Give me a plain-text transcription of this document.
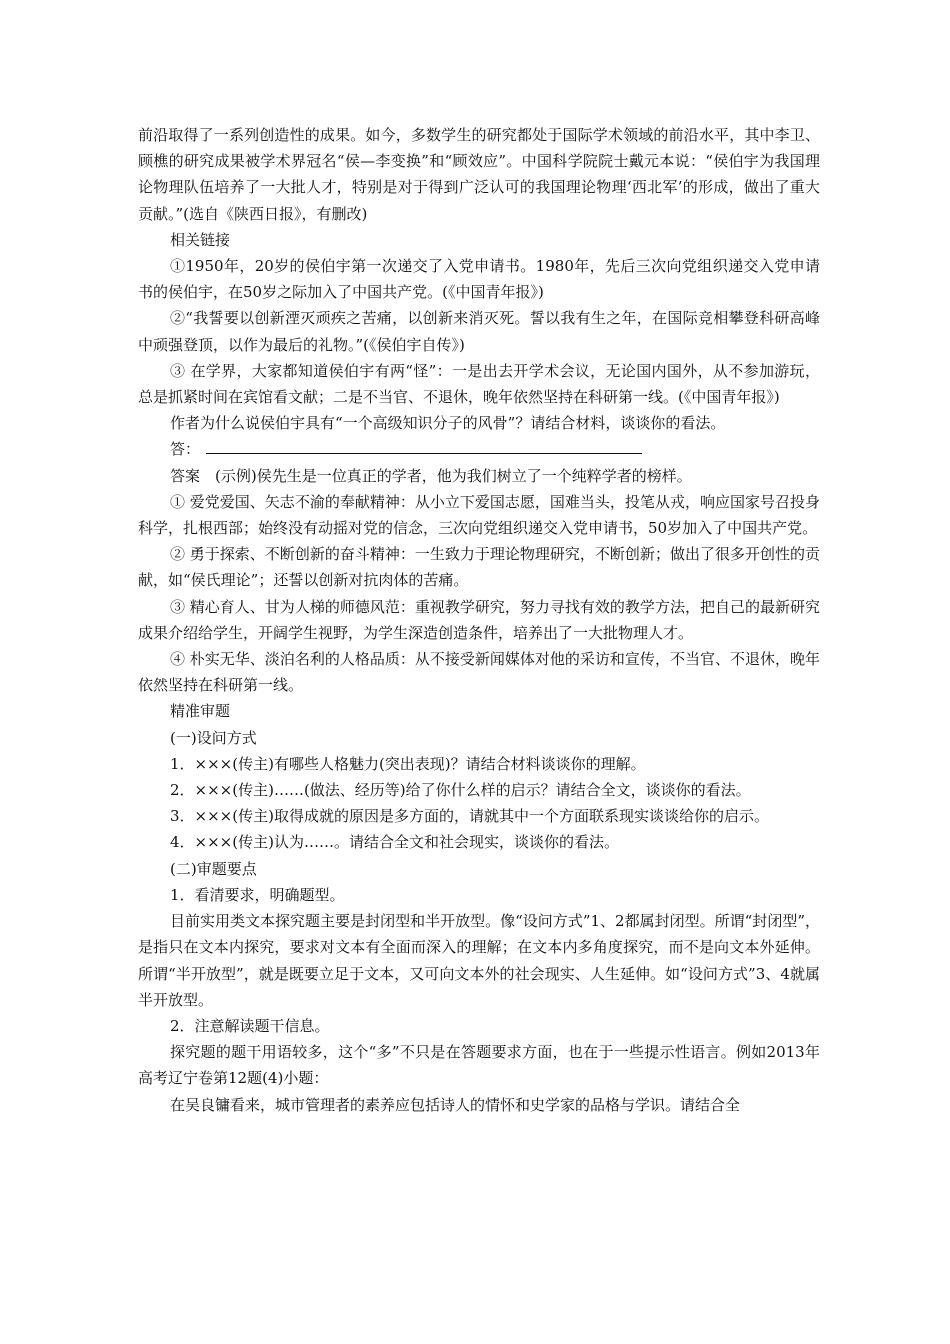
前沿取得了一系列创造性的成果。如今，多数学生的研究都处于国际学术领域的前沿水平，其中李卫、顾樵的研究成果被学术界冠名“侯—李变换”和“顾效应”。中国科学院院士戴元本说：“侯伯宇为我国理论物理队伍培养了一大批人才，特别是对于得到广泛认可的我国理论物理‘西北军’的形成，做出了重大贡献。”(选自《陕西日报》，有删改)

相关链接

①1950年，20岁的侯伯宇第一次递交了入党申请书。1980年，先后三次向党组织递交入党申请书的侯伯宇，在50岁之际加入了中国共产党。(《中国青年报》)

②“我誓要以创新湮灭顽疾之苦痛，以创新来消灭死。誓以我有生之年，在国际竞相攀登科研高峰中顽强登顶，以作为最后的礼物。”(《侯伯宇自传》)

③ 在学界，大家都知道侯伯宇有两“怪”：一是出去开学术会议，无论国内国外，从不参加游玩，总是抓紧时间在宾馆看文献；二是不当官、不退休，晚年依然坚持在科研第一线。(《中国青年报》)

作者为什么说侯伯宇具有“一个高级知识分子的风骨”？请结合材料，谈谈你的看法。

答：

答案　(示例)侯先生是一位真正的学者，他为我们树立了一个纯粹学者的榜样。

① 爱党爱国、矢志不渝的奉献精神：从小立下爱国志愿，国难当头，投笔从戎，响应国家号召投身科学，扎根西部；始终没有动摇对党的信念，三次向党组织递交入党申请书，50岁加入了中国共产党。

② 勇于探索、不断创新的奋斗精神：一生致力于理论物理研究，不断创新；做出了很多开创性的贡献，如“侯氏理论”；还誓以创新对抗肉体的苦痛。

③ 精心育人、甘为人梯的师德风范：重视教学研究，努力寻找有效的教学方法，把自己的最新研究成果介绍给学生，开阔学生视野，为学生深造创造条件，培养出了一大批物理人才。

④ 朴实无华、淡泊名利的人格品质：从不接受新闻媒体对他的采访和宣传，不当官、不退休，晚年依然坚持在科研第一线。

精准审题

(一)设问方式

1．×××(传主)有哪些人格魅力(突出表现)？请结合材料谈谈你的理解。

2．×××(传主)……(做法、经历等)给了你什么样的启示？请结合全文，谈谈你的看法。

3．×××(传主)取得成就的原因是多方面的，请就其中一个方面联系现实谈谈给你的启示。

4．×××(传主)认为……。请结合全文和社会现实，谈谈你的看法。

(二)审题要点

1．看清要求，明确题型。

目前实用类文本探究题主要是封闭型和半开放型。像“设问方式”1、2都属封闭型。所谓“封闭型”，是指只在文本内探究，要求对文本有全面而深入的理解；在文本内多角度探究，而不是向文本外延伸。所谓“半开放型”，就是既要立足于文本，又可向文本外的社会现实、人生延伸。如“设问方式”3、4就属半开放型。

2．注意解读题干信息。

探究题的题干用语较多，这个“多”不只是在答题要求方面，也在于一些提示性语言。例如2013年高考辽宁卷第12题(4)小题：

在吴良镛看来，城市管理者的素养应包括诗人的情怀和史学家的品格与学识。请结合全
